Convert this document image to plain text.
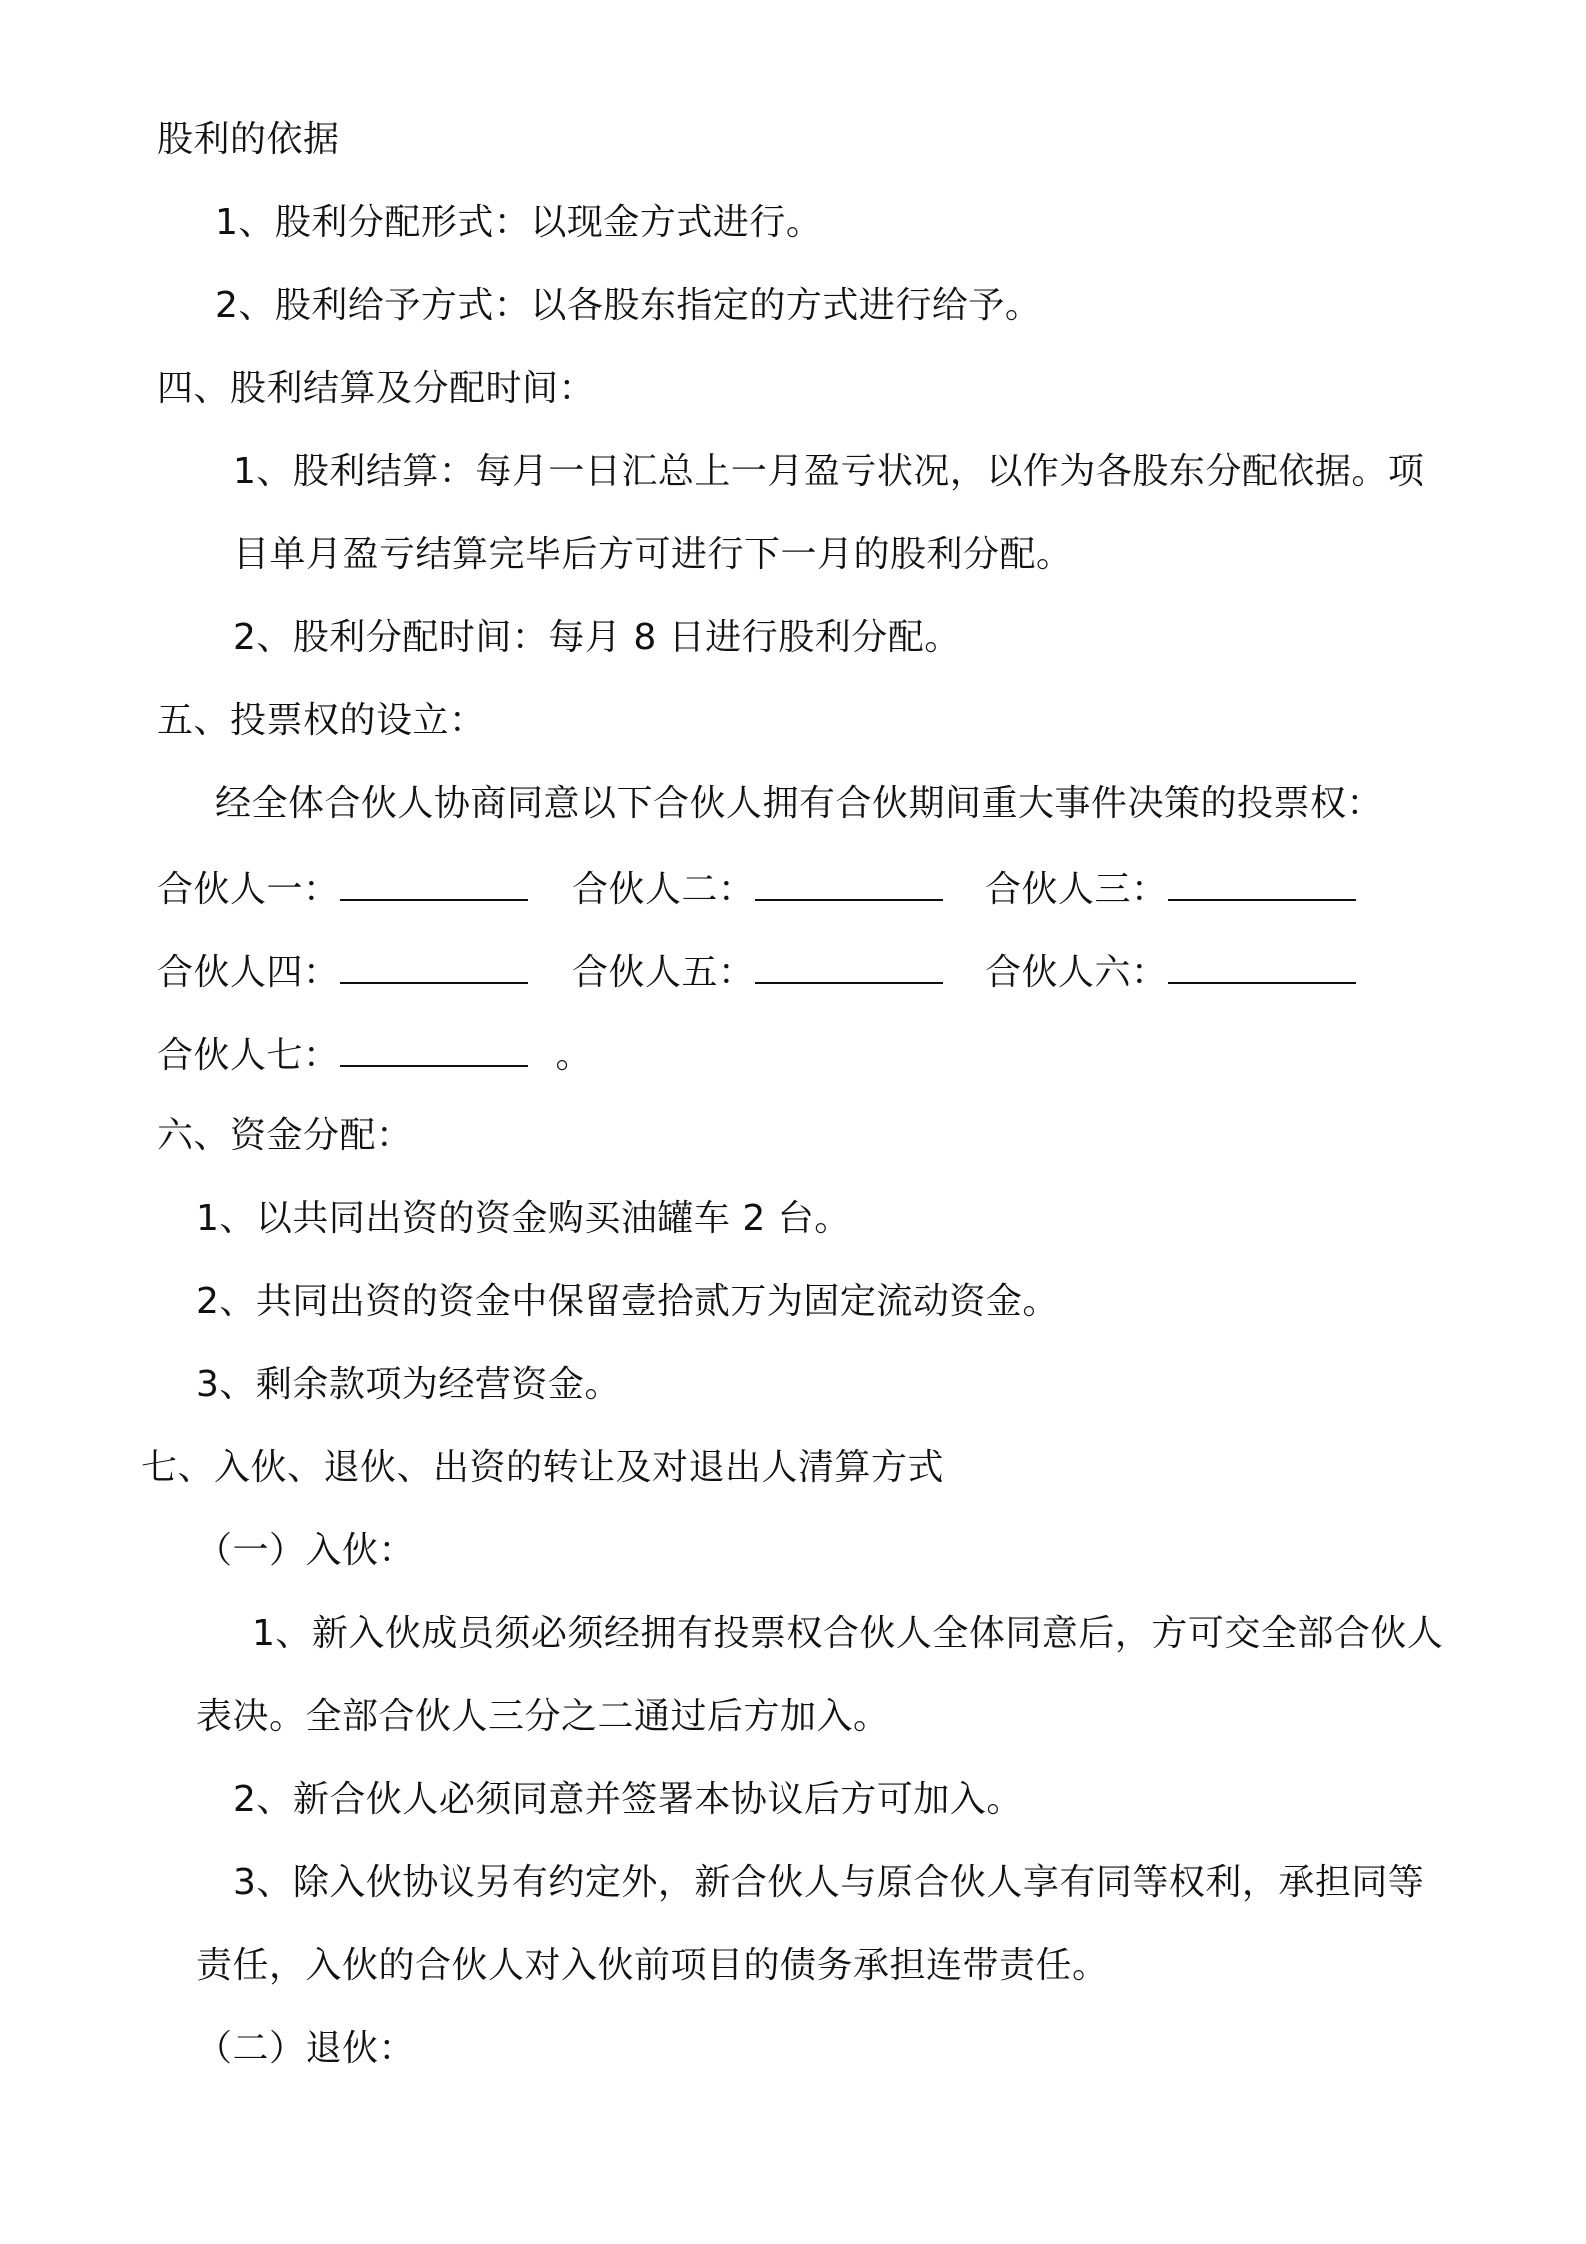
股利的依据
1、股利分配形式：以现金方式进行。
2、股利给予方式：以各股东指定的方式进行给予。
四、股利结算及分配时间：
1、股利结算：每月一日汇总上一月盈亏状况，以作为各股东分配依据。项
目单月盈亏结算完毕后方可进行下一月的股利分配。
2、股利分配时间：每月 8 日进行股利分配。
五、投票权的设立：
经全体合伙人协商同意以下合伙人拥有合伙期间重大事件决策的投票权：
合伙人一：	合伙人二：	合伙人三：
合伙人四：	合伙人五：	合伙人六：
合伙人七：	。
六、资金分配：
1、以共同出资的资金购买油罐车 2 台。
2、共同出资的资金中保留壹拾贰万为固定流动资金。
3、剩余款项为经营资金。
七、入伙、退伙、出资的转让及对退出人清算方式
（一）入伙：
1、新入伙成员须必须经拥有投票权合伙人全体同意后，方可交全部合伙人
表决。全部合伙人三分之二通过后方加入。
2、新合伙人必须同意并签署本协议后方可加入。
3、除入伙协议另有约定外，新合伙人与原合伙人享有同等权利，承担同等
责任，入伙的合伙人对入伙前项目的债务承担连带责任。
（二）退伙：
